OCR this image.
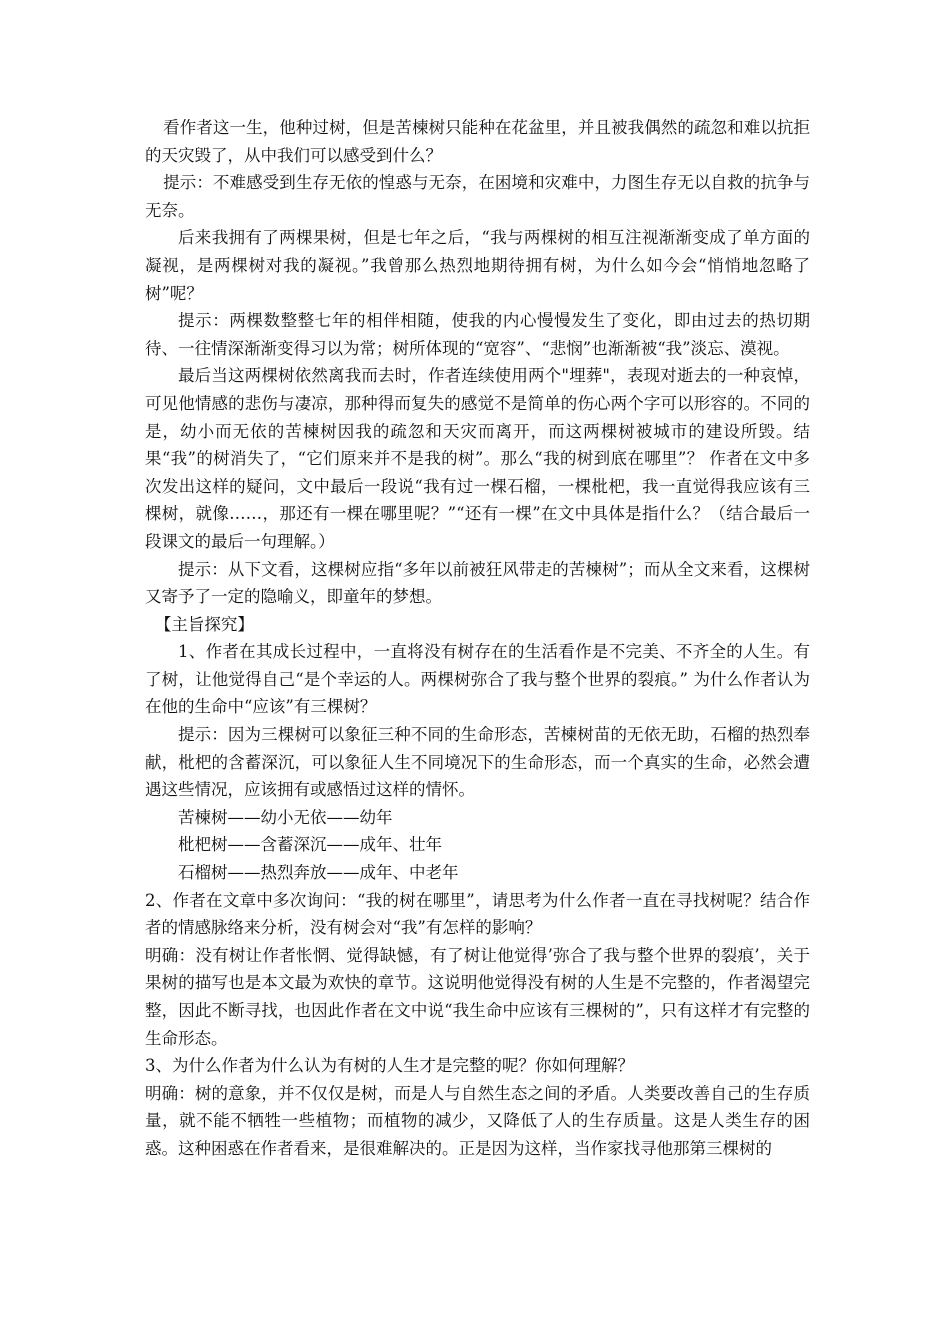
看作者这一生，他种过树，但是苦楝树只能种在花盆里，并且被我偶然的疏忽和难以抗拒的天灾毁了，从中我们可以感受到什么？

提示：不难感受到生存无依的惶惑与无奈，在困境和灾难中，力图生存无以自救的抗争与无奈。

后来我拥有了两棵果树，但是七年之后，“我与两棵树的相互注视渐渐变成了单方面的凝视，是两棵树对我的凝视。”我曾那么热烈地期待拥有树，为什么如今会“悄悄地忽略了树”呢？

提示：两棵数整整七年的相伴相随，使我的内心慢慢发生了变化，即由过去的热切期待、一往情深渐渐变得习以为常；树所体现的“宽容”、“悲悯”也渐渐被“我”淡忘、漠视。

最后当这两棵树依然离我而去时，作者连续使用两个"埋葬"，表现对逝去的一种哀悼，可见他情感的悲伤与凄凉，那种得而复失的感觉不是简单的伤心两个字可以形容的。不同的是，幼小而无依的苦楝树因我的疏忽和天灾而离开，而这两棵树被城市的建设所毁。结果“我”的树消失了，“它们原来并不是我的树”。那么“我的树到底在哪里”？ 作者在文中多次发出这样的疑问，文中最后一段说“我有过一棵石榴，一棵枇杷，我一直觉得我应该有三棵树，就像……，那还有一棵在哪里呢？”“还有一棵”在文中具体是指什么？（结合最后一段课文的最后一句理解。）

提示：从下文看，这棵树应指“多年以前被狂风带走的苦楝树”；而从全文来看，这棵树又寄予了一定的隐喻义，即童年的梦想。

【主旨探究】

1、作者在其成长过程中，一直将没有树存在的生活看作是不完美、不齐全的人生。有了树，让他觉得自己“是个幸运的人。两棵树弥合了我与整个世界的裂痕。” 为什么作者认为在他的生命中“应该”有三棵树？

提示：因为三棵树可以象征三种不同的生命形态，苦楝树苗的无依无助，石榴的热烈奉献，枇杷的含蓄深沉，可以象征人生不同境况下的生命形态，而一个真实的生命，必然会遭遇这些情况，应该拥有或感悟过这样的情怀。

苦楝树——幼小无依——幼年

枇杷树——含蓄深沉——成年、壮年

石榴树——热烈奔放——成年、中老年

2、作者在文章中多次询问：“我的树在哪里”，请思考为什么作者一直在寻找树呢？结合作者的情感脉络来分析，没有树会对“我”有怎样的影响？

明确：没有树让作者怅惘、觉得缺憾，有了树让他觉得’弥合了我与整个世界的裂痕’，关于果树的描写也是本文最为欢快的章节。这说明他觉得没有树的人生是不完整的，作者渴望完整，因此不断寻找，也因此作者在文中说“我生命中应该有三棵树的”，只有这样才有完整的生命形态。

3、为什么作者为什么认为有树的人生才是完整的呢？你如何理解？

明确：树的意象，并不仅仅是树，而是人与自然生态之间的矛盾。人类要改善自己的生存质量，就不能不牺牲一些植物；而植物的减少，又降低了人的生存质量。这是人类生存的困惑。这种困惑在作者看来，是很难解决的。正是因为这样，当作家找寻他那第三棵树的
